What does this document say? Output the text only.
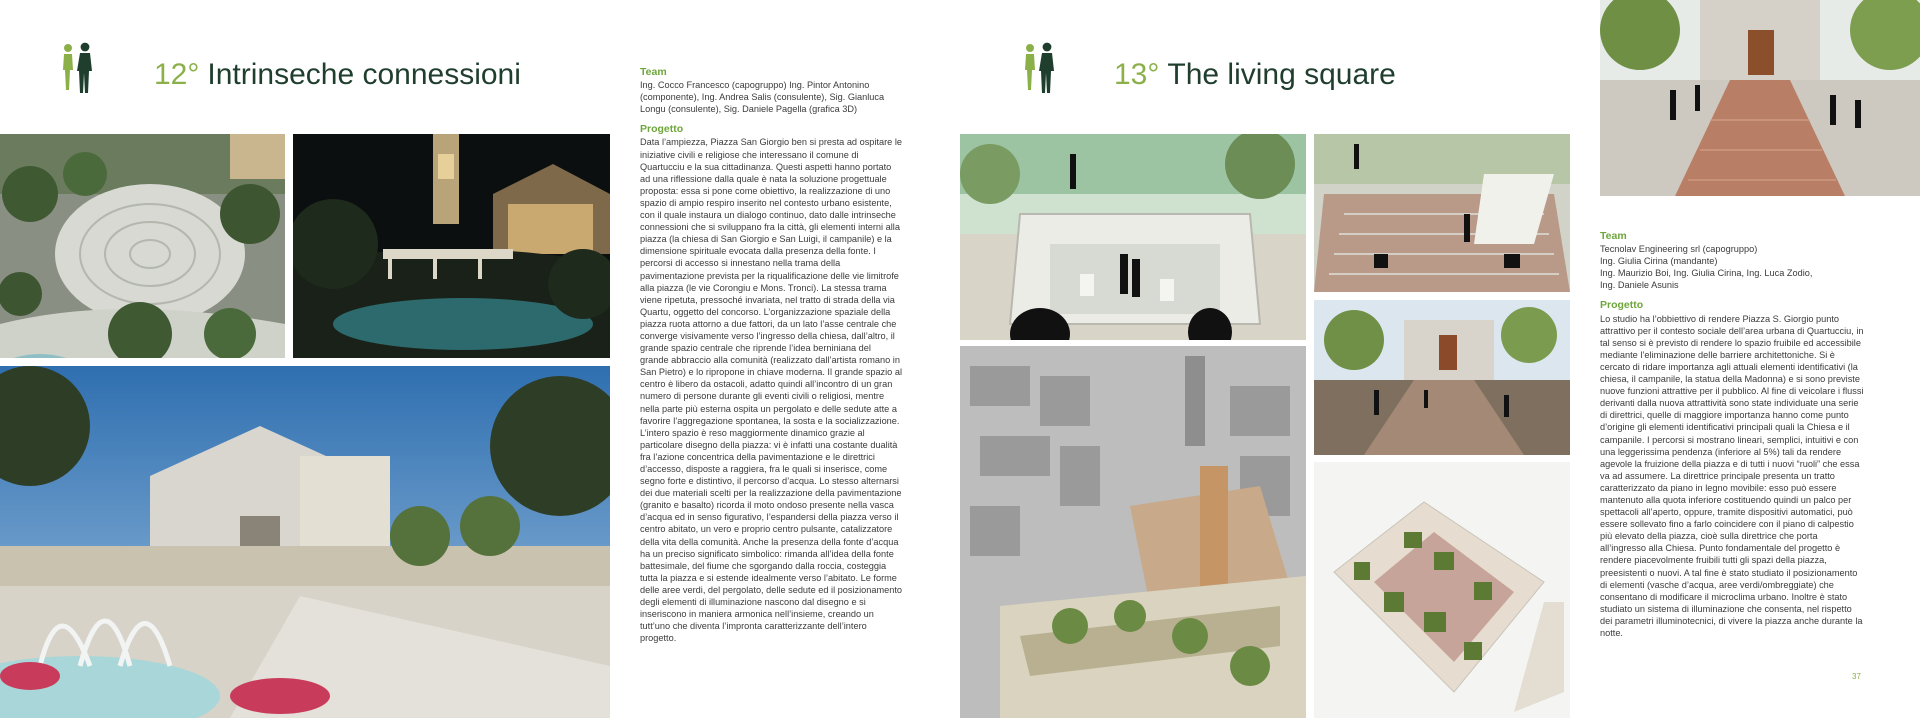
12° Intrinseche connessioni	Team

Ing. Cocco Francesco (capogruppo) Ing. Pintor Antonino (componente), Ing. Andrea Salis (consulente), Sig. Gianluca Longu (consulente), Sig. Daniele Pagella (grafica 3D)

Progetto

Data l’ampiezza, Piazza San Giorgio ben si presta ad ospitare le iniziative civili e religiose che interessano il comune di Quartucciu e la sua cittadinanza. Questi aspetti hanno portato ad una riflessione dalla quale è nata la soluzione progettuale proposta: essa si pone come obiettivo, la realizzazione di uno spazio di ampio respiro inserito nel contesto urbano esistente, con il quale instaura un dialogo continuo, dato dalle intrinseche connessioni che si sviluppano fra la città, gli elementi interni alla piazza (la chiesa di San Giorgio e San Luigi, il campanile) e la dimensione spirituale evocata dalla presenza della fonte. I percorsi di accesso si innestano nella trama della pavimentazione prevista per la riqualificazione delle vie limitrofe alla piazza (le vie Corongiu e Mons. Tronci). La stessa trama viene ripetuta, pressoché invariata, nel tratto di strada della via Quartu, oggetto del concorso. L’organizzazione spaziale della piazza ruota attorno a due fattori, da un lato l’asse centrale che converge visivamente verso l’ingresso della chiesa, dall’altro, il grande spazio centrale che riprende l’idea berniniana del grande abbraccio alla comunità (realizzato dall’artista romano in San Pietro) e lo ripropone in chiave moderna. Il grande spazio al centro è libero da ostacoli, adatto quindi all’incontro di un gran numero di persone durante gli eventi civili o religiosi, mentre nella parte più esterna ospita un pergolato e delle sedute atte a favorire l’aggregazione spontanea, la sosta e la socializzazione. L’intero spazio è reso maggiormente dinamico grazie al particolare disegno della piazza: vi è infatti una costante dualità fra l’azione concentrica della pavimentazione e le direttrici d’accesso, disposte a raggiera, fra le quali si inserisce, come segno forte e distintivo, il percorso d’acqua. Lo stesso alternarsi dei due materiali scelti per la realizzazione della pavimentazione (granito e basalto) ricorda il moto ondoso presente nella vasca d’acqua ed in senso figurativo, l’espandersi della piazza verso il centro abitato, un vero e proprio centro pulsante, catalizzatore della vita della comunità. Anche la presenza della fonte d’acqua ha un preciso significato simbolico: rimanda all’idea della fonte battesimale, del fiume che sgorgando dalla roccia, costeggia tutta la piazza e si estende idealmente verso l’abitato. Le forme delle aree verdi, del pergolato, delle sedute ed il posizionamento degli elementi di illuminazione nascono dal disegno e si inseriscono in maniera armonica nell’insieme, creando un tutt’uno che diventa l’impronta caratterizzante dell’intero progetto.

13° The living square
Team

Tecnolav Engineering srl (capogruppo)

Ing. Giulia Cirina (mandante)

Ing. Maurizio Boi, Ing. Giulia Cirina, Ing. Luca Zodio,

Ing. Daniele Asunis

Progetto

Lo studio ha l’obbiettivo di rendere Piazza S. Giorgio punto attrattivo per il contesto sociale dell’area urbana di Quartucciu, in tal senso si è previsto di rendere lo spazio fruibile ed accessibile mediante l’eliminazione delle barriere architettoniche. Si è cercato di ridare importanza agli attuali elementi identificativi (la chiesa, il campanile, la statua della Madonna) e si sono previste nuove funzioni attrattive per il pubblico. Al fine di veicolare i flussi derivanti dalla nuova attrattività sono state individuate una serie di direttrici, quelle di maggiore importanza hanno come punto d’origine gli elementi identificativi principali quali la Chiesa e il campanile. I percorsi si mostrano lineari, semplici, intuitivi e con una leggerissima pendenza (inferiore al 5%) tali da rendere agevole la fruizione della piazza e di tutti i nuovi “ruoli” che essa va ad assumere. La direttrice principale presenta un tratto caratterizzato da piano in legno movibile: esso può essere mantenuto alla quota inferiore costituendo quindi un palco per spettacoli all’aperto, oppure, tramite dispositivi automatici, può essere sollevato fino a farlo coincidere con il piano di calpestio più elevato della piazza, cioè sulla direttrice che porta all’ingresso alla Chiesa. Punto fondamentale del progetto è rendere piacevolmente fruibili tutti gli spazi della piazza, preesistenti o nuovi. A tal fine è stato studiato il posizionamento di elementi (vasche d’acqua, aree verdi/ombreggiate) che consentano di modificare il microclima urbano. Inoltre è stato studiato un sistema di illuminazione che consenta, nel rispetto dei parametri illuminotecnici, di vivere la piazza anche durante la notte.

37
